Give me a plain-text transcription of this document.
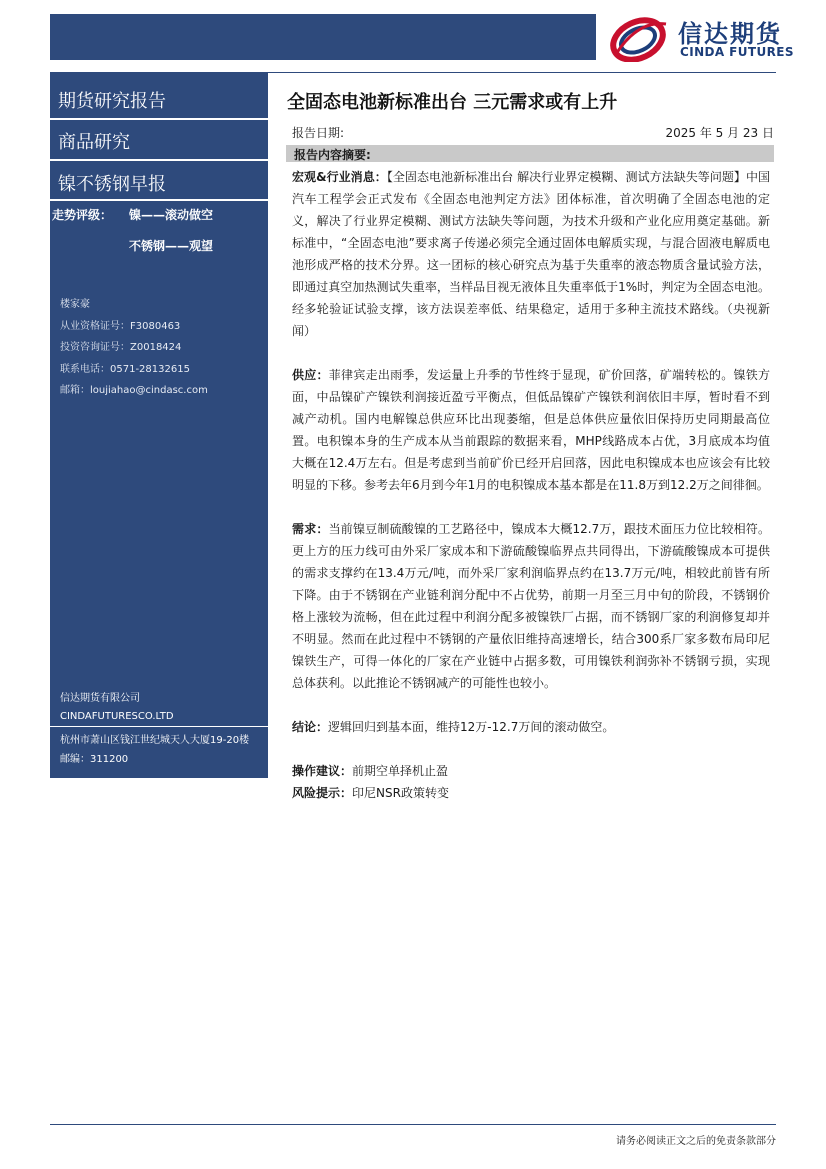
信达期货
CINDA FUTURES
期货研究报告
商品研究
镍不锈钢早报
走势评级： 镍——滚动做空
不锈钢——观望
楼家豪
从业资格证号：F3080463
投资咨询证号：Z0018424
联系电话：0571-28132615
邮箱：loujiahao@cindasc.com
信达期货有限公司
CINDAFUTURESCO.LTD
杭州市萧山区钱江世纪城天人大厦19-20楼
邮编：311200
全固态电池新标准出台 三元需求或有上升
报告日期:	2025 年 5 月 23 日
报告内容摘要:

宏观&行业消息：【全固态电池新标准出台 解决行业界定模糊、测试方法缺失等问题】中国汽车工程学会正式发布《全固态电池判定方法》团体标准，首次明确了全固态电池的定义，解决了行业界定模糊、测试方法缺失等问题，为技术升级和产业化应用奠定基础。新标准中，“全固态电池”要求离子传递必须完全通过固体电解质实现，与混合固液电解质电池形成严格的技术分界。这一团标的核心研究点为基于失重率的液态物质含量试验方法，即通过真空加热测试失重率，当样品目视无液体且失重率低于1%时，判定为全固态电池。经多轮验证试验支撑，该方法误差率低、结果稳定，适用于多种主流技术路线。（央视新闻）

供应：菲律宾走出雨季，发运量上升季的节性终于显现，矿价回落，矿端转松的。镍铁方面，中品镍矿产镍铁利润接近盈亏平衡点，但低品镍矿产镍铁利润依旧丰厚，暂时看不到减产动机。国内电解镍总供应环比出现萎缩，但是总体供应量依旧保持历史同期最高位置。电积镍本身的生产成本从当前跟踪的数据来看，MHP线路成本占优，3月底成本均值大概在12.4万左右。但是考虑到当前矿价已经开启回落，因此电积镍成本也应该会有比较明显的下移。参考去年6月到今年1月的电积镍成本基本都是在11.8万到12.2万之间徘徊。

需求：当前镍豆制硫酸镍的工艺路径中，镍成本大概12.7万，跟技术面压力位比较相符。更上方的压力线可由外采厂家成本和下游硫酸镍临界点共同得出，下游硫酸镍成本可提供的需求支撑约在13.4万元/吨，而外采厂家利润临界点约在13.7万元/吨，相较此前皆有所下降。由于不锈钢在产业链利润分配中不占优势，前期一月至三月中旬的阶段，不锈钢价格上涨较为流畅，但在此过程中利润分配多被镍铁厂占据，而不锈钢厂家的利润修复却并不明显。然而在此过程中不锈钢的产量依旧维持高速增长，结合300系厂家多数布局印尼镍铁生产，可得一体化的厂家在产业链中占据多数，可用镍铁利润弥补不锈钢亏损，实现总体获利。以此推论不锈钢减产的可能性也较小。

结论：逻辑回归到基本面，维持12万-12.7万间的滚动做空。

操作建议：前期空单择机止盈

风险提示：印尼NSR政策转变

请务必阅读正文之后的免责条款部分
